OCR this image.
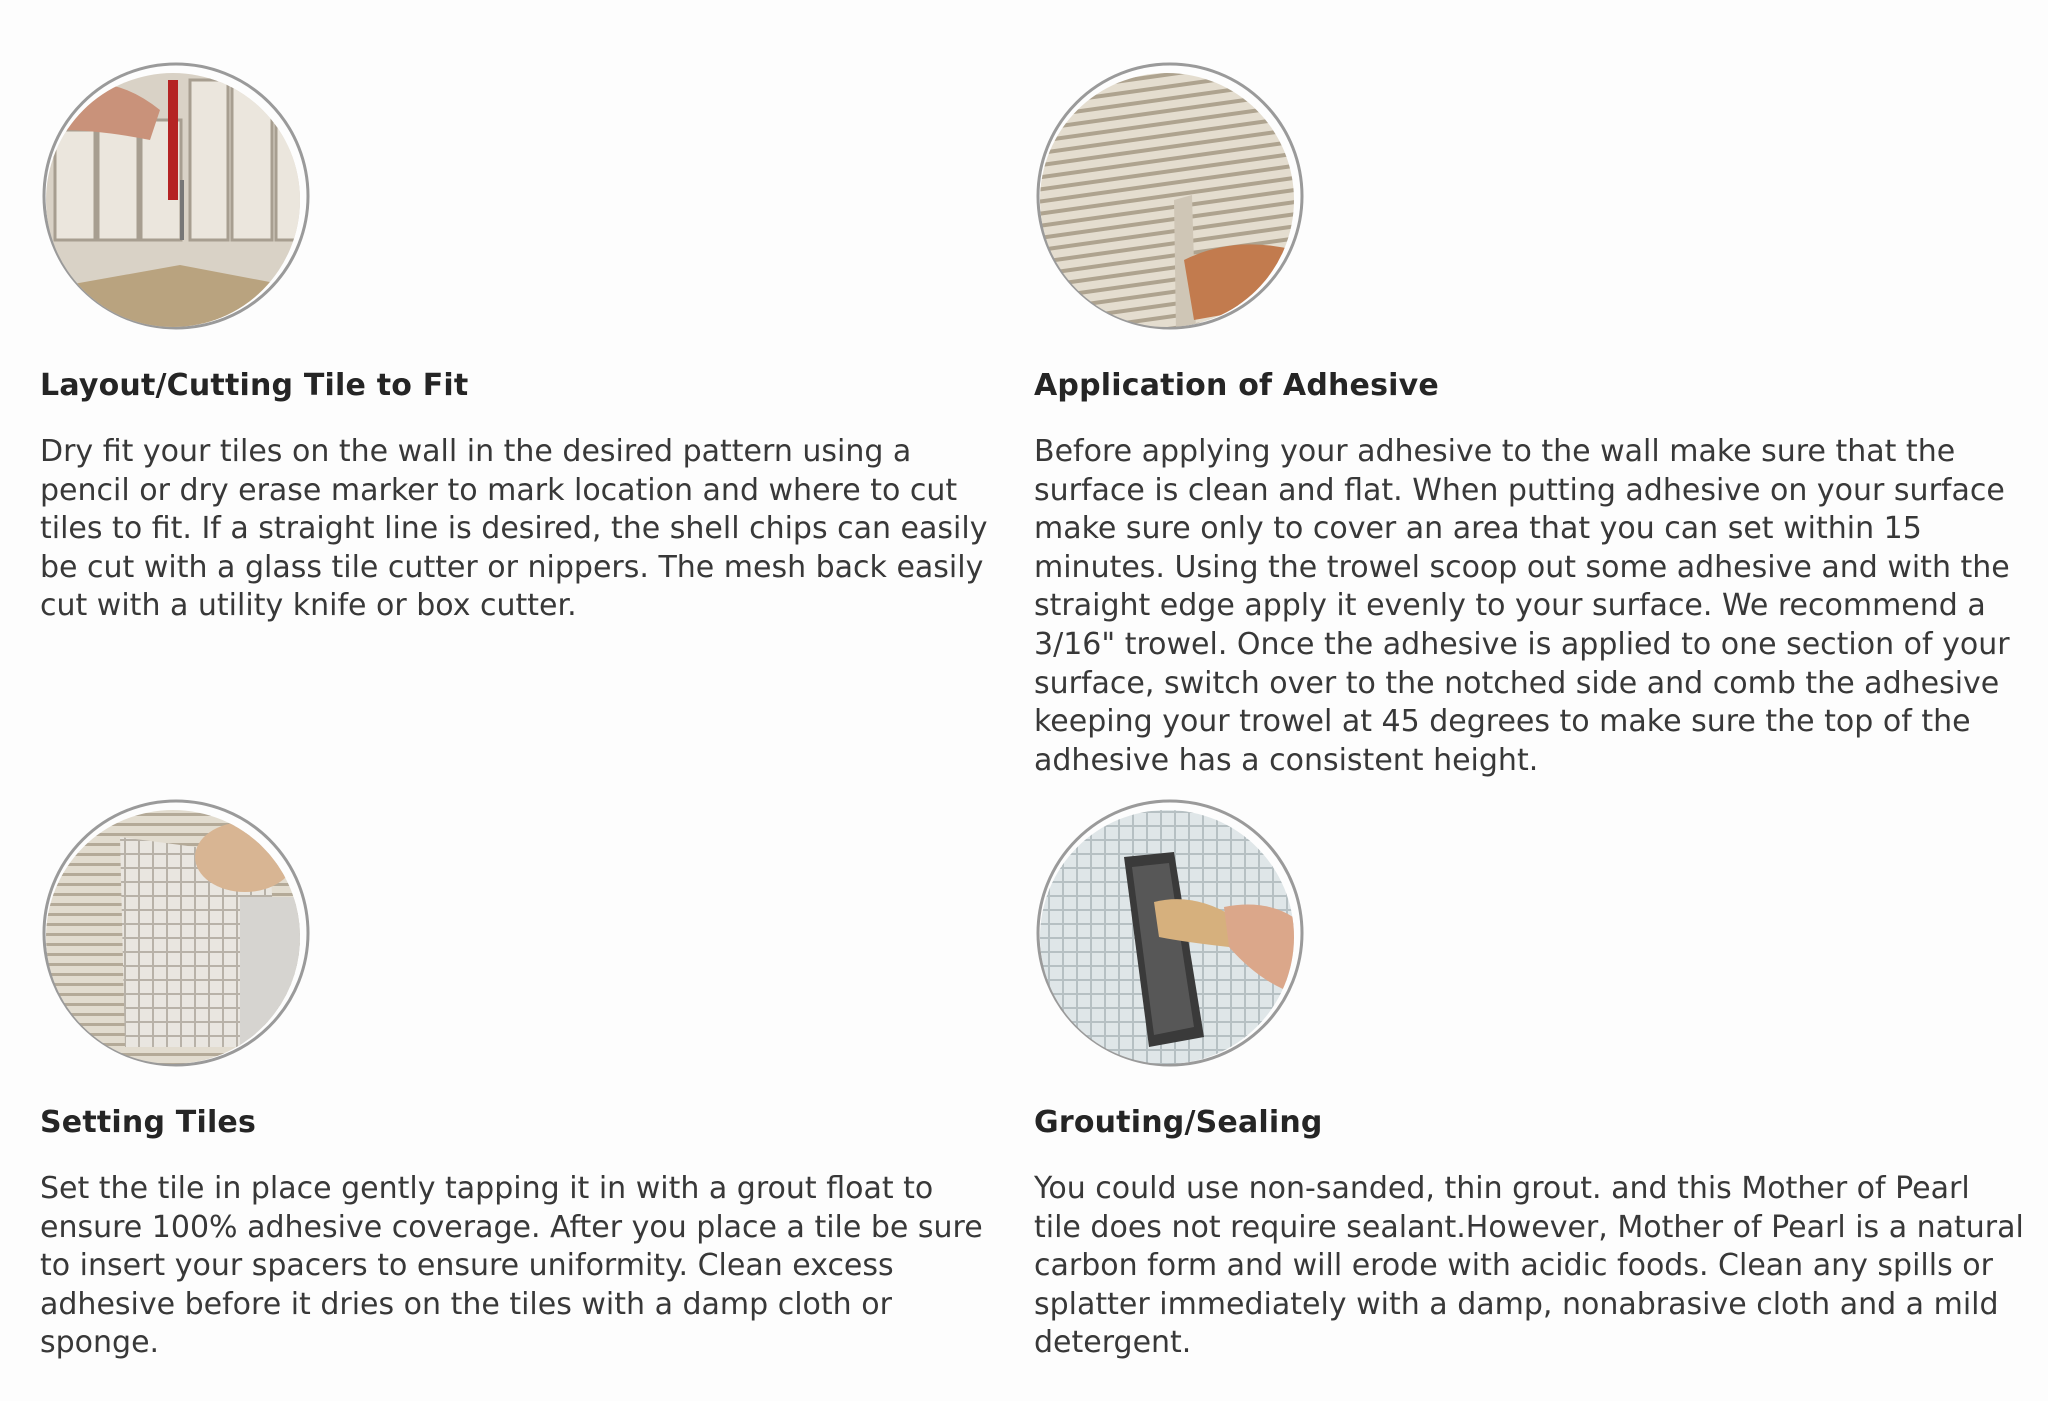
Layout/Cutting Tile to Fit
Dry fit your tiles on the wall in the desired pattern using a pencil or dry erase marker to mark location and where to cut tiles to fit. If a straight line is desired, the shell chips can easily be cut with a glass tile cutter or nippers. The mesh back easily cut with a utility knife or box cutter.
Application of Adhesive
Before applying your adhesive to the wall make sure that the surface is clean and flat. When putting adhesive on your surface make sure only to cover an area that you can set within 15 minutes. Using the trowel scoop out some adhesive and with the straight edge apply it evenly to your surface. We recommend a 3/16" trowel. Once the adhesive is applied to one section of your surface, switch over to the notched side and comb the adhesive keeping your trowel at 45 degrees to make sure the top of the adhesive has a consistent height.
Setting Tiles
Set the tile in place gently tapping it in with a grout float to ensure 100% adhesive coverage. After you place a tile be sure to insert your spacers to ensure uniformity. Clean excess adhesive before it dries on the tiles with a damp cloth or sponge.
Grouting/Sealing
You could use non-sanded, thin grout. and this Mother of Pearl tile does not require sealant.However, Mother of Pearl is a natural carbon form and will erode with acidic foods. Clean any spills or splatter immediately with a damp, nonabrasive cloth and a mild detergent.
